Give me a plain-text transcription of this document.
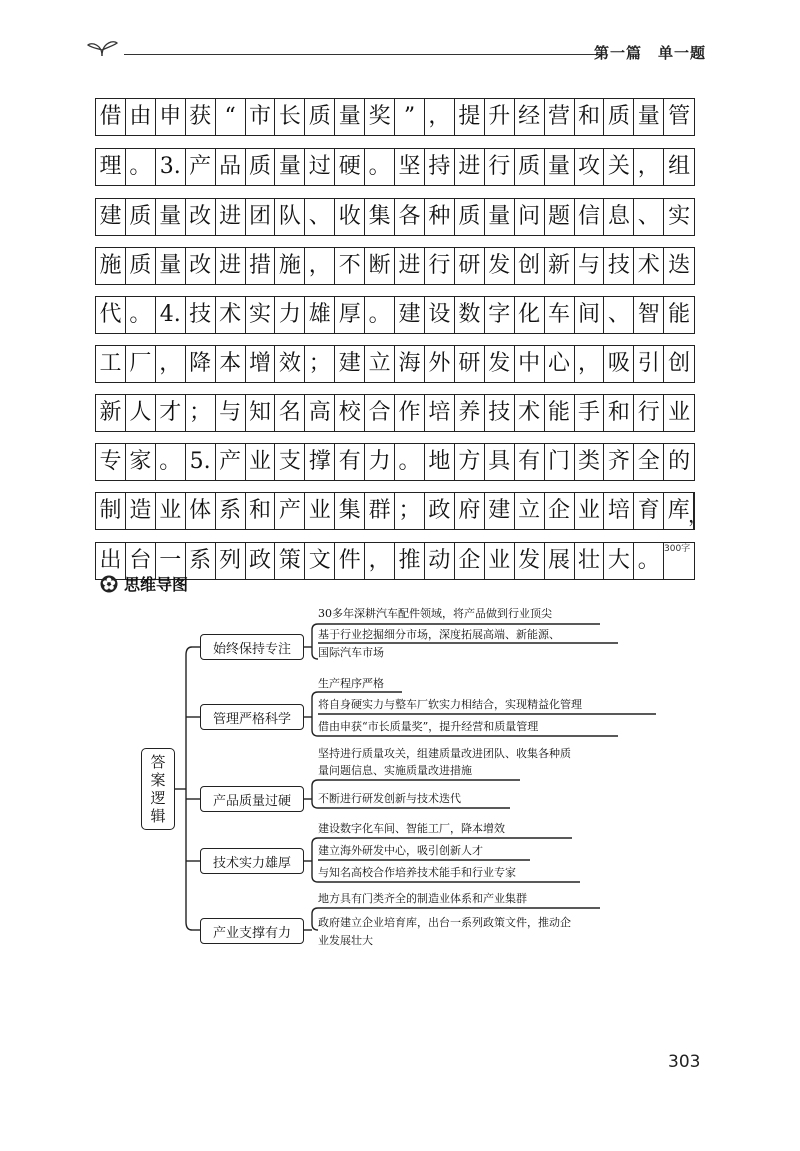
第一篇　单一题
借 由 申 获 “ 市 长 质 量 奖 ” ， 提 升 经 营 和 质 量 管
理 。 3. 产 品 质 量 过 硬 。 坚 持 进 行 质 量 攻 关 ， 组
建 质 量 改 进 团 队 、 收 集 各 种 质 量 问 题 信 息 、 实
施 质 量 改 进 措 施 ， 不 断 进 行 研 发 创 新 与 技 术 迭
代 。 4. 技 术 实 力 雄 厚 。 建 设 数 字 化 车 间 、 智 能
工 厂 ， 降 本 增 效 ； 建 立 海 外 研 发 中 心 ， 吸 引 创
新 人 才 ； 与 知 名 高 校 合 作 培 养 技 术 能 手 和 行 业
专 家 。 5. 产 业 支 撑 有 力 。 地 方 具 有 门 类 齐 全 的
制 造 业 体 系 和 产 业 集 群 ； 政 府 建 立 企 业 培 育 库
，
出 台 一 系 列 政 策 文 件 ， 推 动 企 业 发 展 壮 大 。 300字
思维导图
答
案
逻
辑
始终保持专注
管理严格科学
产品质量过硬
技术实力雄厚
产业支撑有力
30多年深耕汽车配件领域，将产品做到行业顶尖
基于行业挖掘细分市场，深度拓展高端、新能源、
国际汽车市场
生产程序严格
将自身硬实力与整车厂软实力相结合，实现精益化管理
借由申获“市长质量奖”，提升经营和质量管理
坚持进行质量攻关，组建质量改进团队、收集各种质
量问题信息、实施质量改进措施
不断进行研发创新与技术迭代
建设数字化车间、智能工厂，降本增效
建立海外研发中心，吸引创新人才
与知名高校合作培养技术能手和行业专家
地方具有门类齐全的制造业体系和产业集群
政府建立企业培育库，出台一系列政策文件，推动企
业发展壮大
303
